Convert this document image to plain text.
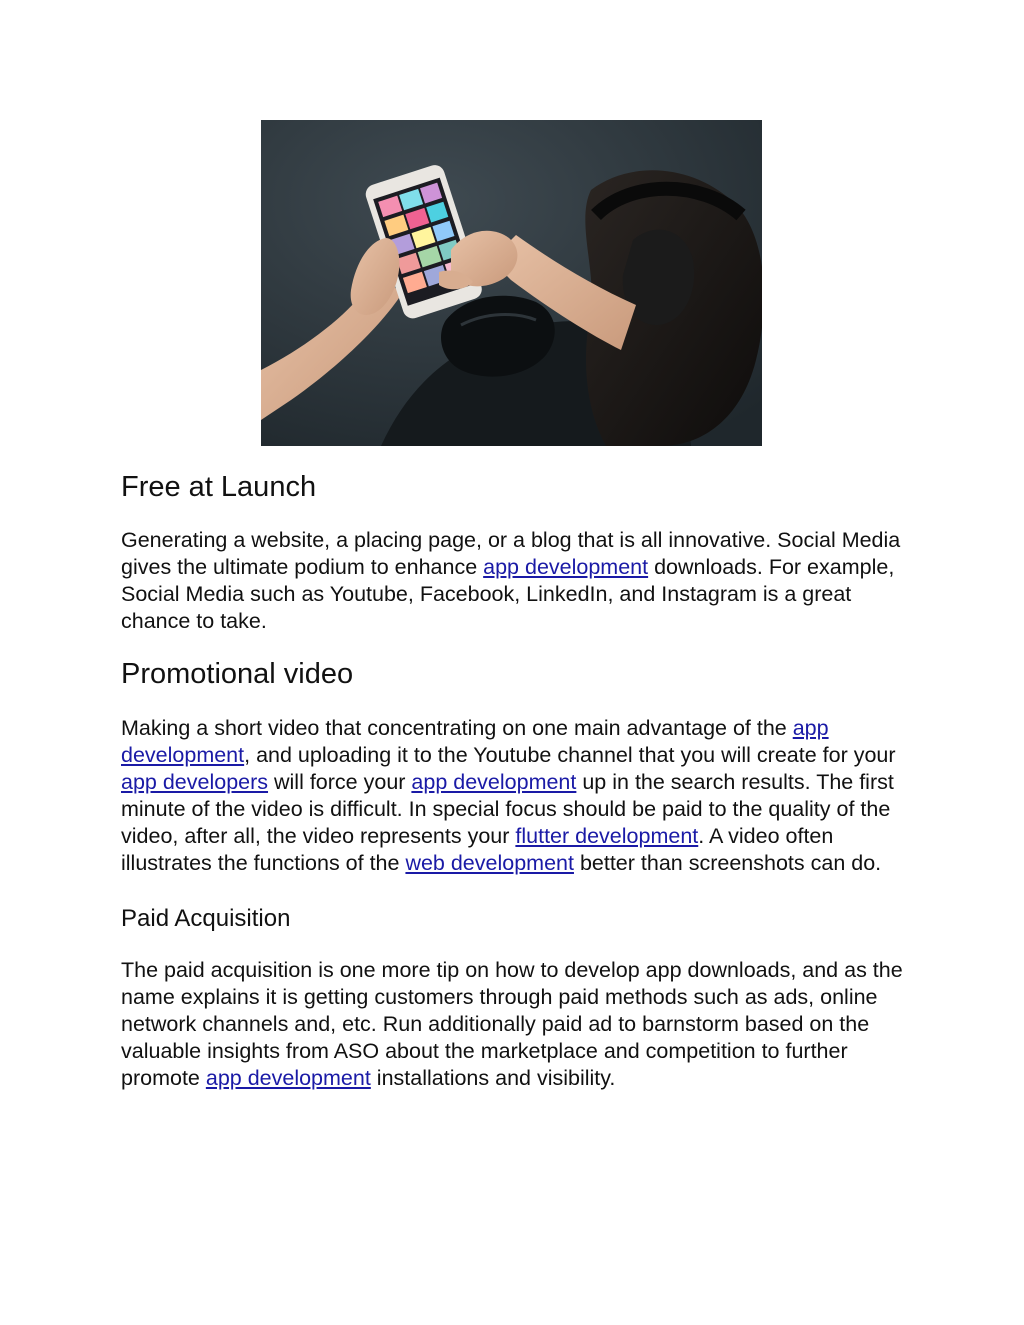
Free at Launch

Generating a website, a placing page, or a blog that is all innovative. Social Media gives the ultimate podium to enhance app development downloads. For example, Social Media such as Youtube, Facebook, LinkedIn, and Instagram is a great chance to take.

Promotional video

Making a short video that concentrating on one main advantage of the app development, and uploading it to the Youtube channel that you will create for your app developers will force your app development up in the search results. The first minute of the video is difficult. In special focus should be paid to the quality of the video, after all, the video represents your flutter development. A video often illustrates the functions of the web development better than screenshots can do.

Paid Acquisition

The paid acquisition is one more tip on how to develop app downloads, and as the name explains it is getting customers through paid methods such as ads, online network channels and, etc. Run additionally paid ad to barnstorm based on the valuable insights from ASO about the marketplace and competition to further promote app development installations and visibility.
